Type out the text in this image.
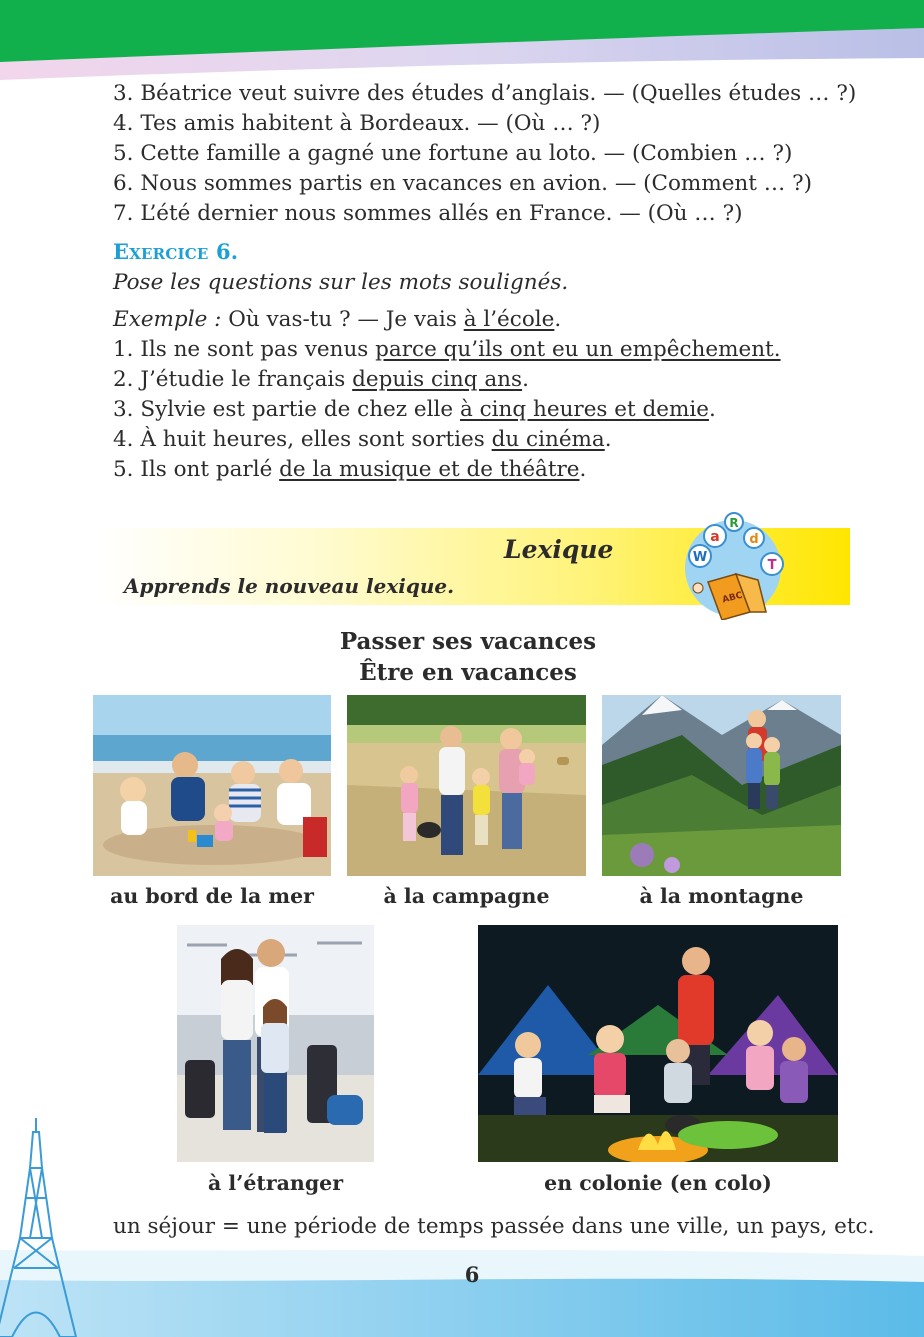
3. Béatrice veut suivre des études d’anglais. — (Quelles études … ?)
4. Tes amis habitent à Bordeaux. — (Où … ?)
5. Cette famille a gagné une fortune au loto. — (Combien … ?)
6. Nous sommes partis en vacances en avion. — (Comment … ?)
7. L’été dernier nous sommes allés en France. — (Où … ?)
Exercice 6.
Pose les questions sur les mots soulignés.
Exemple : Où vas-tu ? — Je vais à l’école.
1. Ils ne sont pas venus parce qu’ils ont eu un empêchement.
2. J’étudie le français depuis cinq ans.
3. Sylvie est partie de chez elle à cinq heures et demie.
4. À huit heures, elles sont sorties du cinéma.
5. Ils ont parlé de la musique et de théâtre.
Lexique
Apprends le nouveau lexique.
W
a
R
d
T
ABC
Passer ses vacances
Être en vacances
au bord de la mer	à la campagne	à la montagne
à l’étranger	en colonie (en colo)
un séjour = une période de temps passée dans une ville, un pays, etc.
6
